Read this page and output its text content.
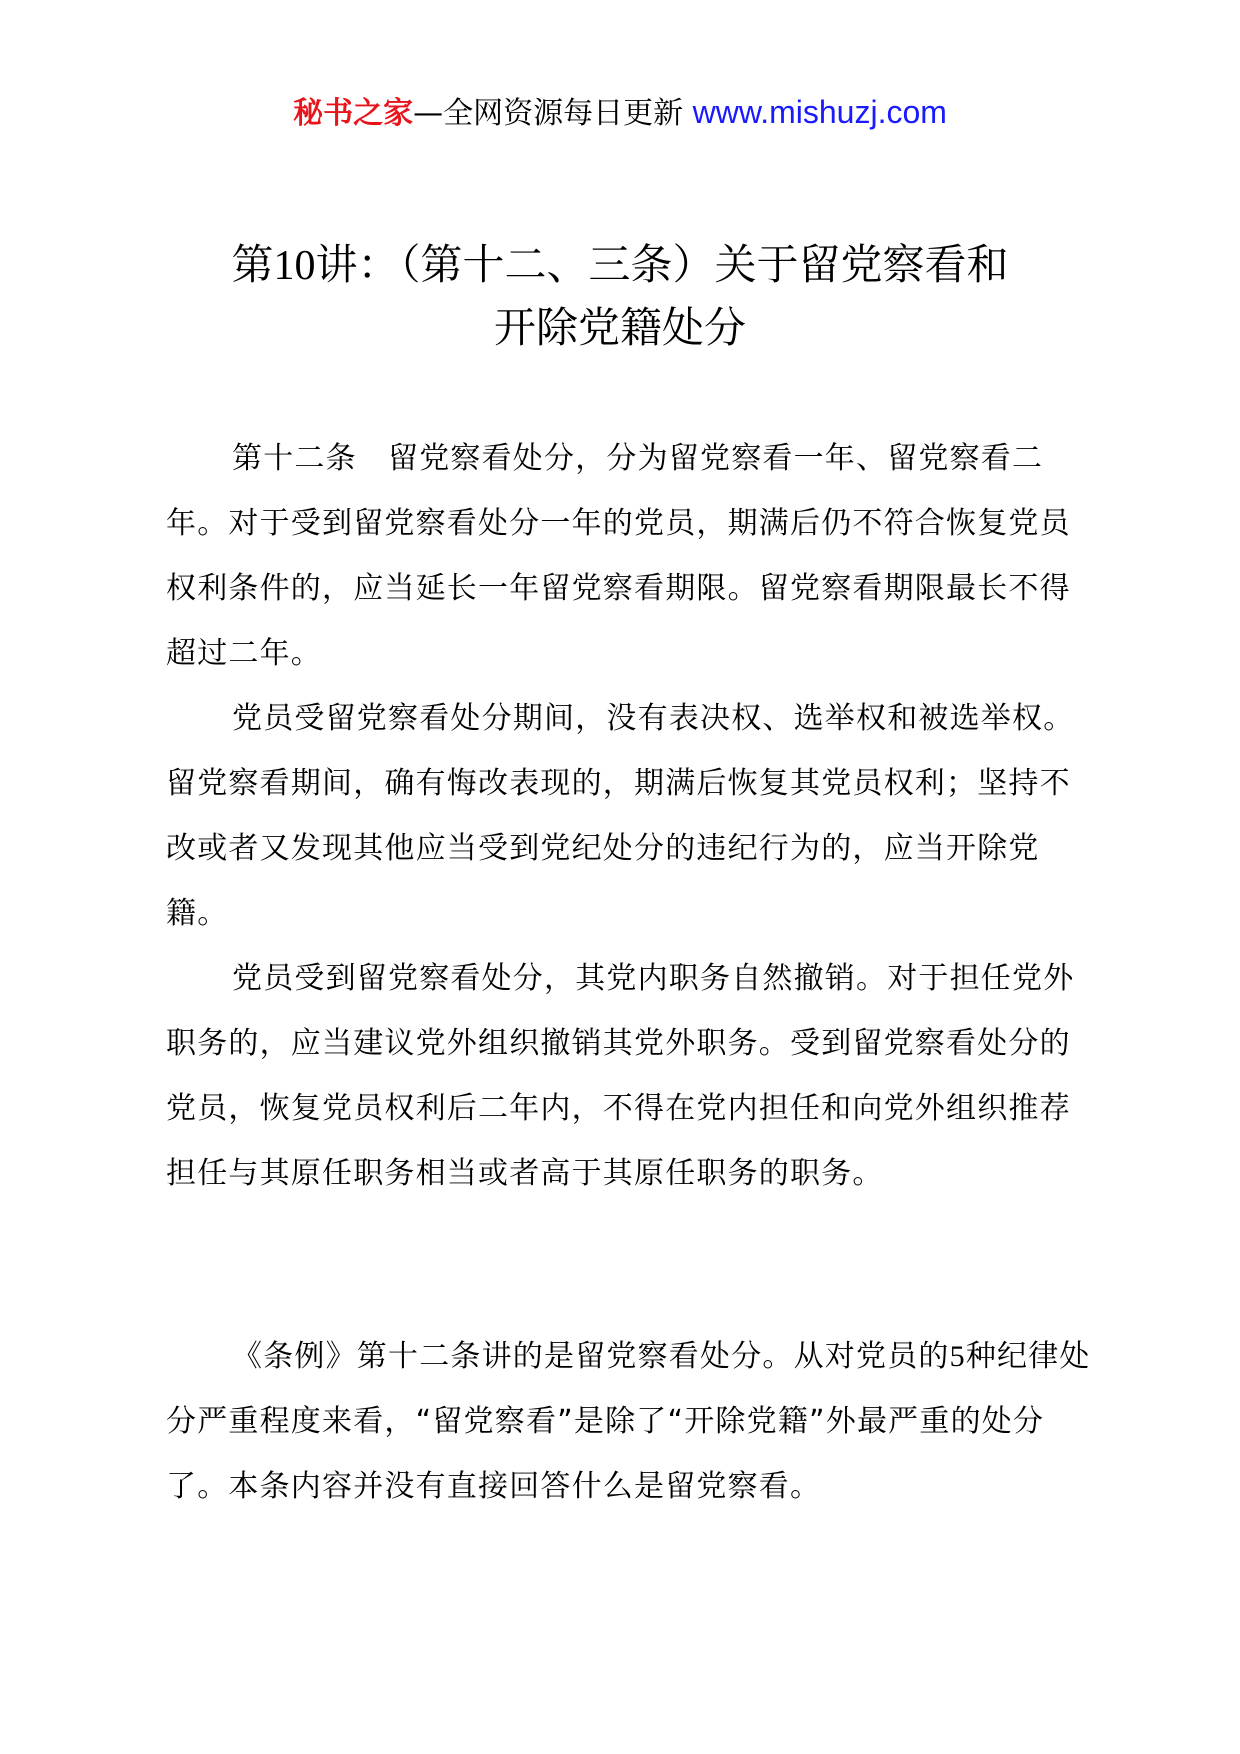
秘书之家—全网资源每日更新 www.mishuzj.com
第10讲：（第十二、三条）关于留党察看和
开除党籍处分

第十二条　留党察看处分，分为留党察看一年、留党察看二年。对于受到留党察看处分一年的党员，期满后仍不符合恢复党员权利条件的，应当延长一年留党察看期限。留党察看期限最长不得超过二年。

党员受留党察看处分期间，没有表决权、选举权和被选举权。留党察看期间，确有悔改表现的，期满后恢复其党员权利；坚持不改或者又发现其他应当受到党纪处分的违纪行为的，应当开除党籍。

党员受到留党察看处分，其党内职务自然撤销。对于担任党外职务的，应当建议党外组织撤销其党外职务。受到留党察看处分的党员，恢复党员权利后二年内，不得在党内担任和向党外组织推荐担任与其原任职务相当或者高于其原任职务的职务。

《条例》第十二条讲的是留党察看处分。从对党员的5种纪律处分严重程度来看，“留党察看”是除了“开除党籍”外最严重的处分了。本条内容并没有直接回答什么是留党察看。
